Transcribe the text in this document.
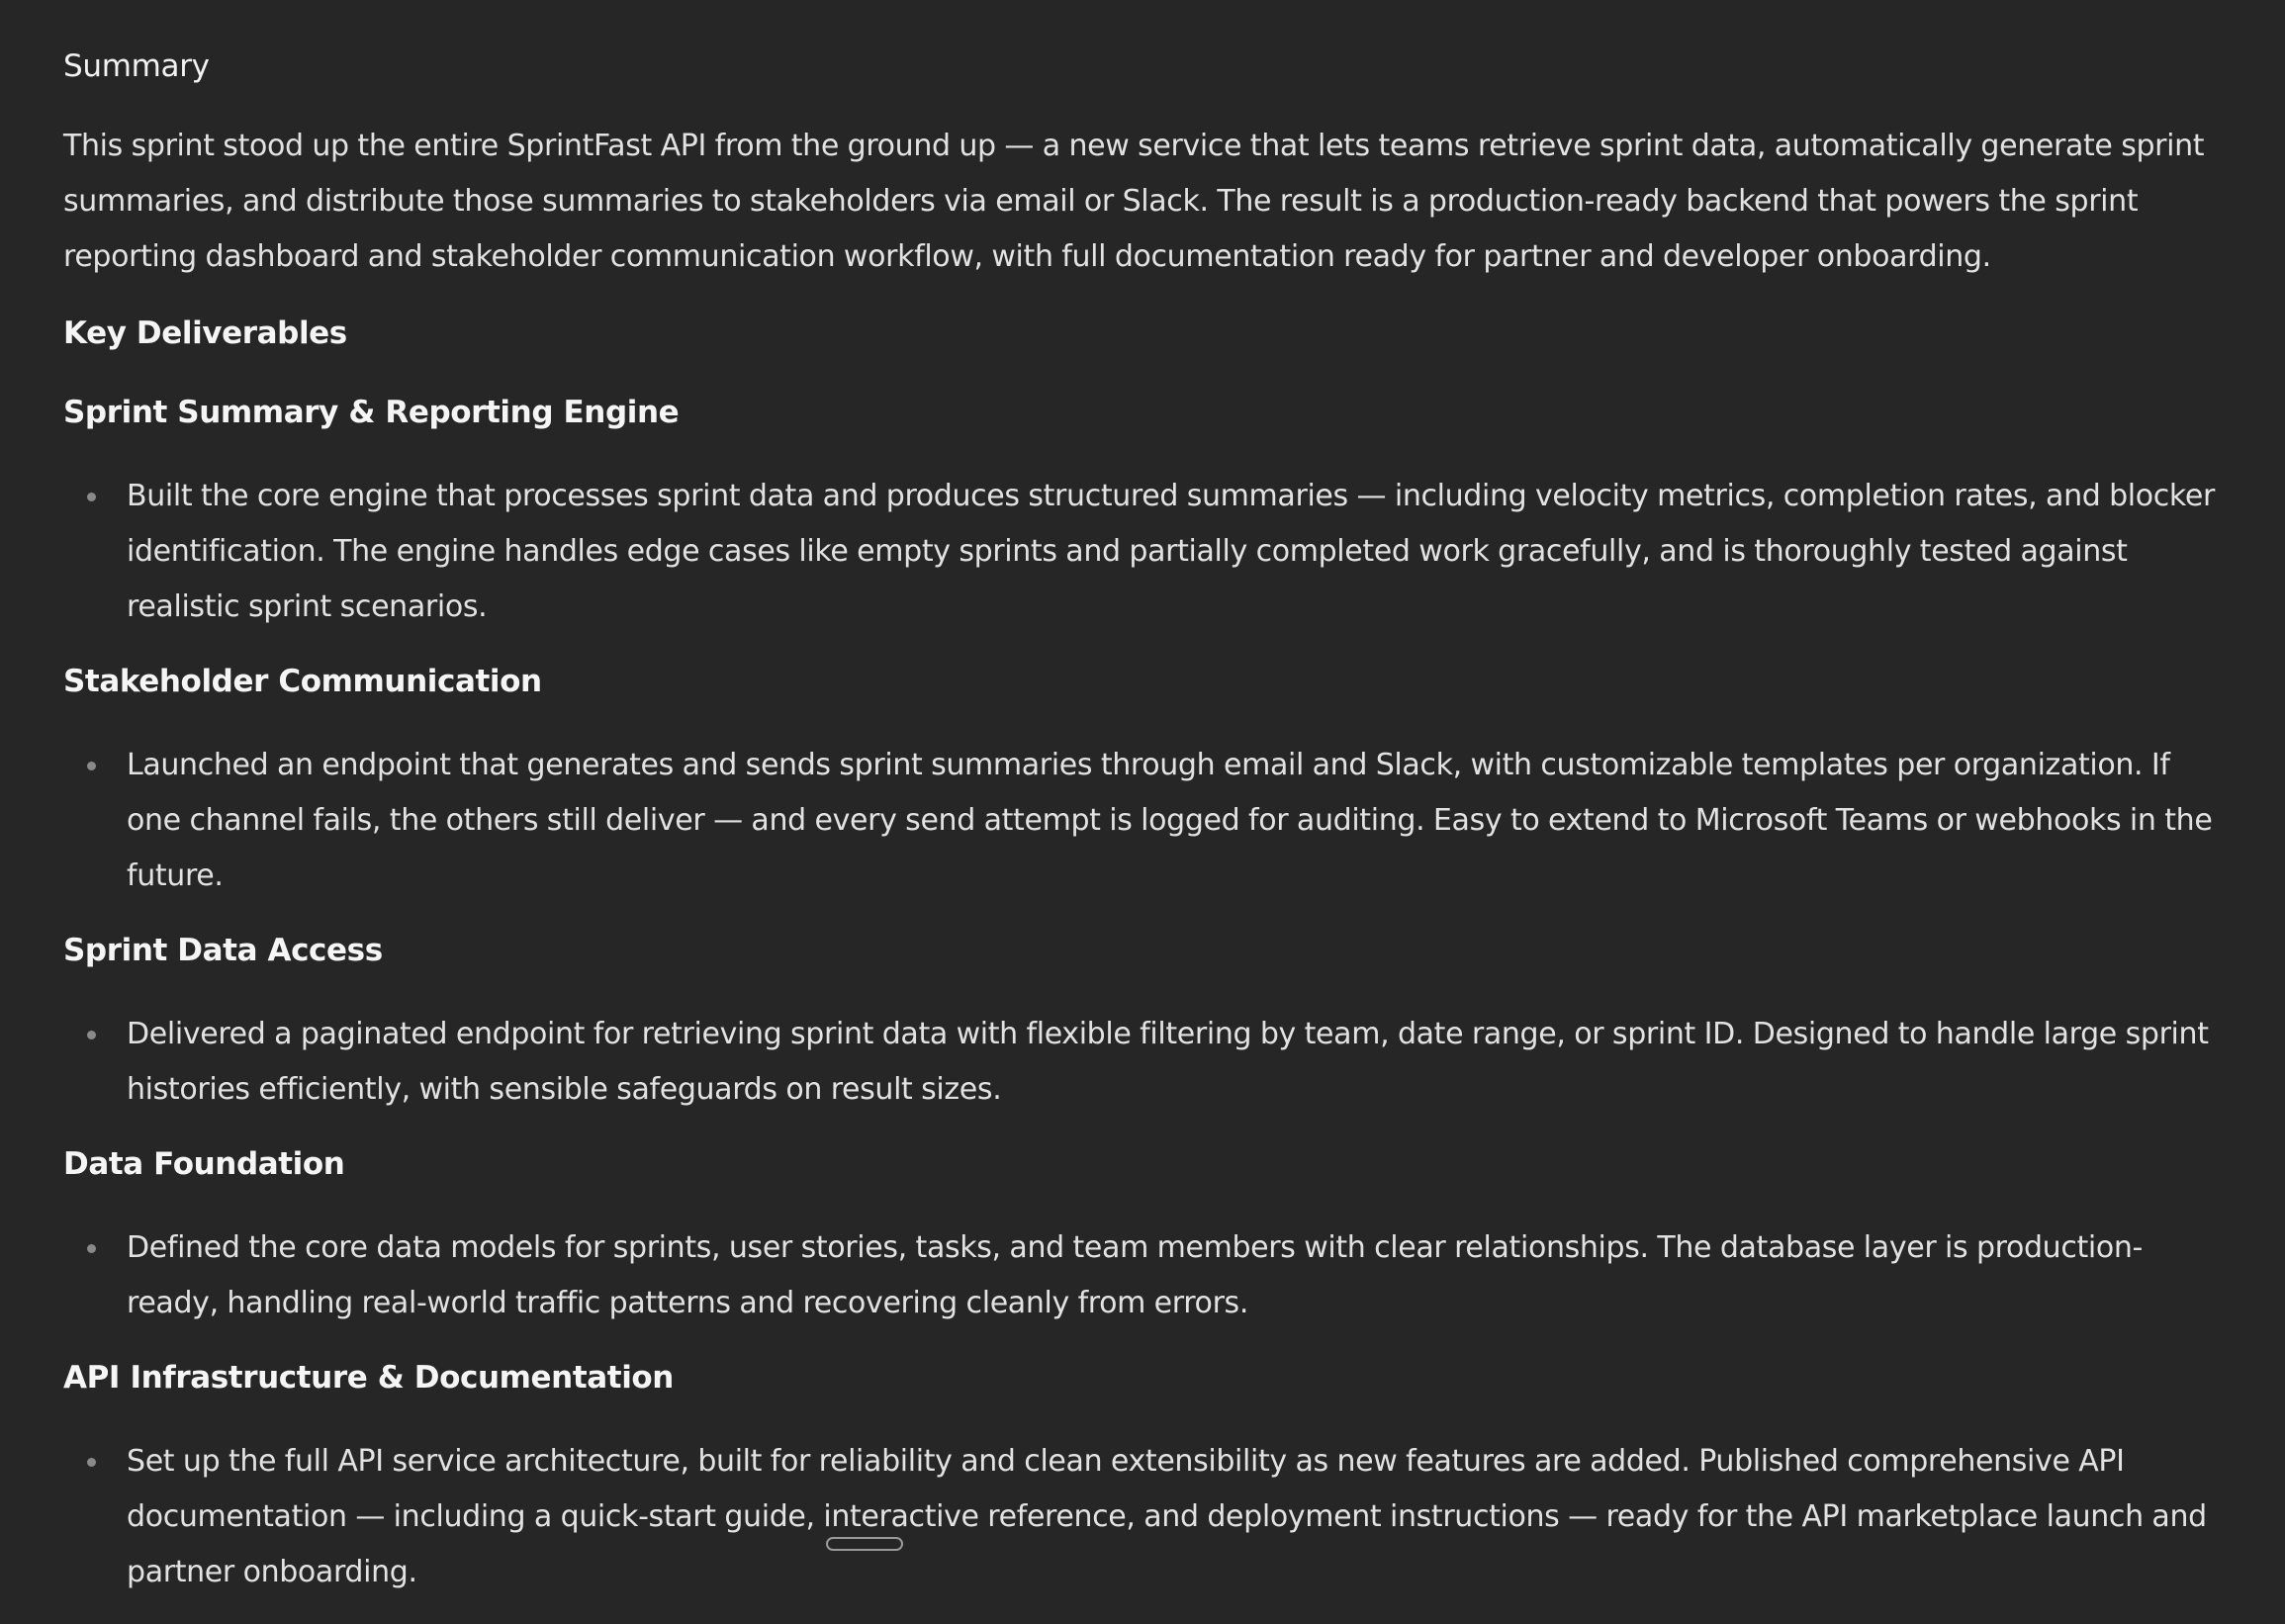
Summary

This sprint stood up the entire SprintFast API from the ground up — a new service that lets teams retrieve sprint data, automatically generate sprint summaries, and distribute those summaries to stakeholders via email or Slack. The result is a production-ready backend that powers the sprint reporting dashboard and stakeholder communication workflow, with full documentation ready for partner and developer onboarding.

Key Deliverables
Sprint Summary & Reporting Engine
Built the core engine that processes sprint data and produces structured summaries — including velocity metrics, completion rates, and blocker identification. The engine handles edge cases like empty sprints and partially completed work gracefully, and is thoroughly tested against realistic sprint scenarios.
Stakeholder Communication
Launched an endpoint that generates and sends sprint summaries through email and Slack, with customizable templates per organization. If one channel fails, the others still deliver — and every send attempt is logged for auditing. Easy to extend to Microsoft Teams or webhooks in the future.
Sprint Data Access
Delivered a paginated endpoint for retrieving sprint data with flexible filtering by team, date range, or sprint ID. Designed to handle large sprint histories efficiently, with sensible safeguards on result sizes.
Data Foundation
Defined the core data models for sprints, user stories, tasks, and team members with clear relationships. The database layer is production-ready, handling real-world traffic patterns and recovering cleanly from errors.
API Infrastructure & Documentation
Set up the full API service architecture, built for reliability and clean extensibility as new features are added. Published comprehensive API documentation — including a quick-start guide, interactive reference, and deployment instructions — ready for the API marketplace launch and partner onboarding.
